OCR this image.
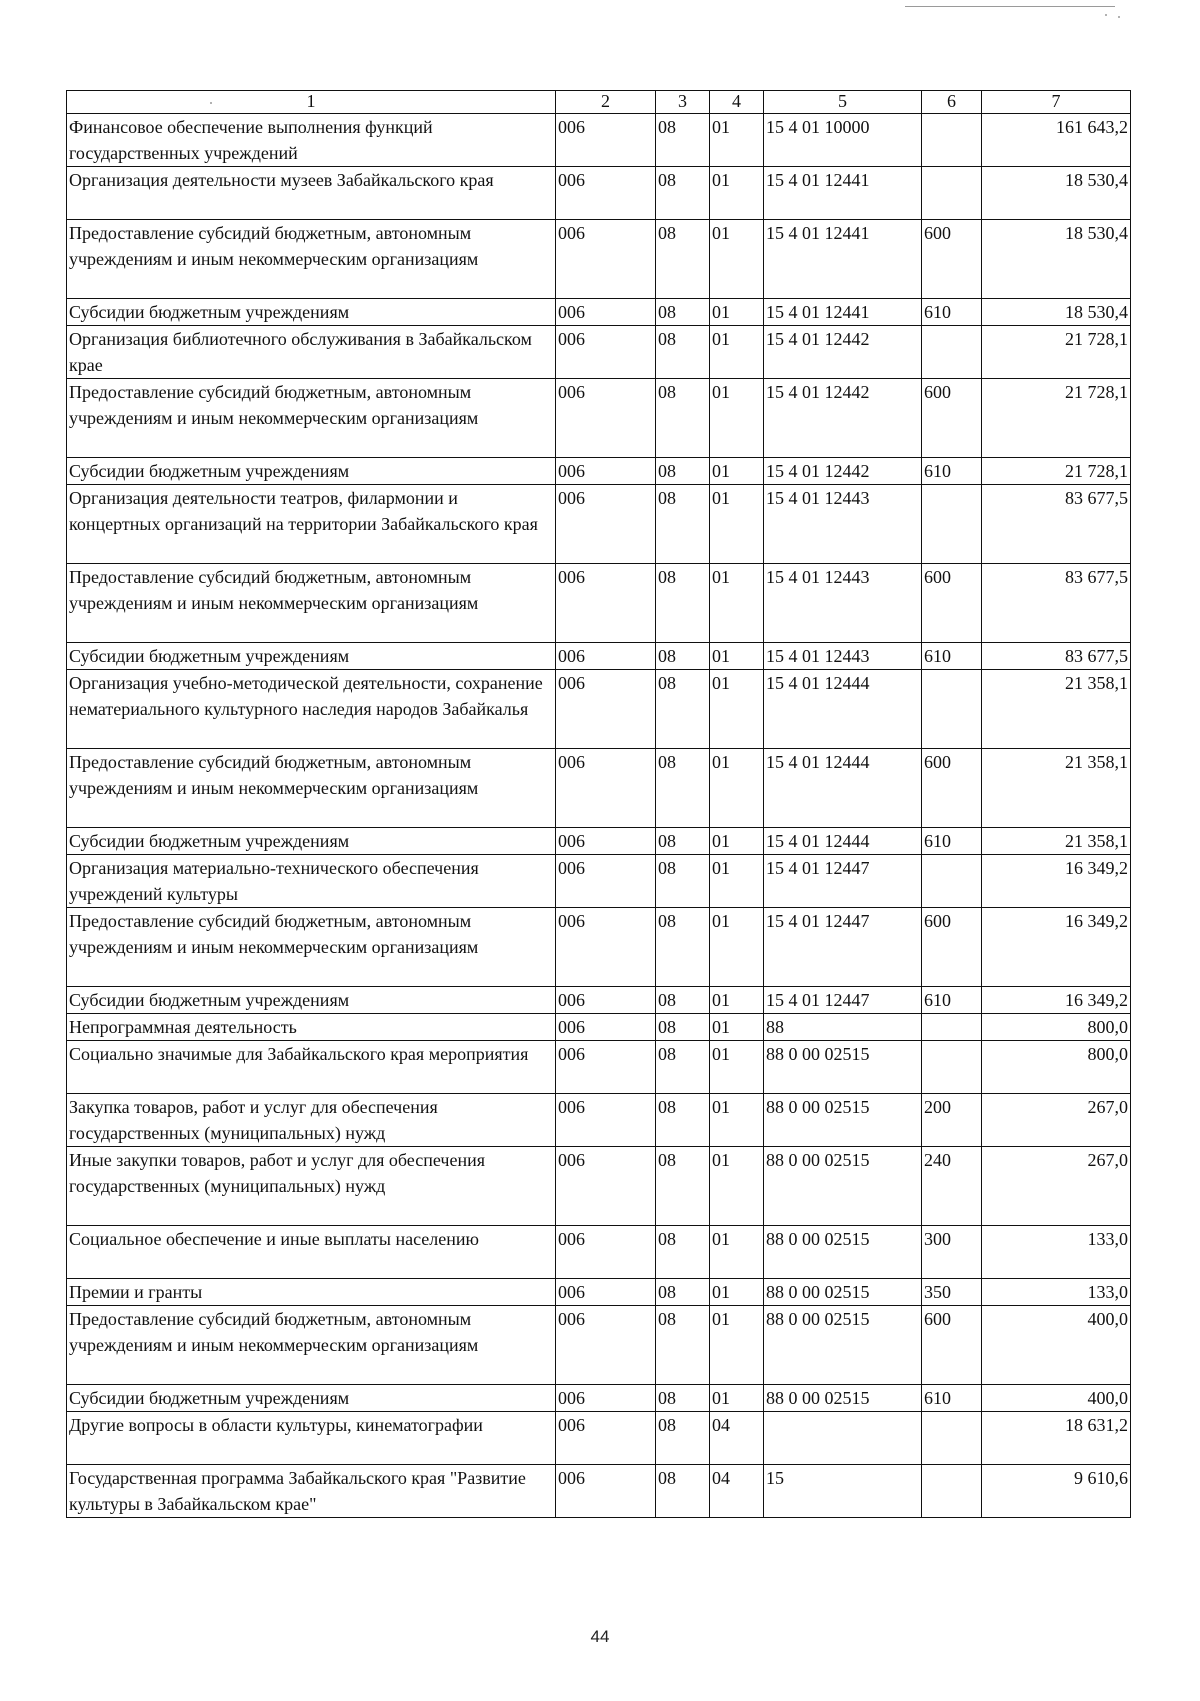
1	2	3	4	5	6	7
Финансовое обеспечение выполнения функций государственных учреждений	006	08	01	15 4 01 10000		161 643,2
Организация деятельности музеев Забайкальского края	006	08	01	15 4 01 12441		18 530,4
Предоставление субсидий бюджетным, автономным учреждениям и иным некоммерческим организациям	006	08	01	15 4 01 12441	600	18 530,4
Субсидии бюджетным учреждениям	006	08	01	15 4 01 12441	610	18 530,4
Организация библиотечного обслуживания в Забайкальском крае	006	08	01	15 4 01 12442		21 728,1
Предоставление субсидий бюджетным, автономным учреждениям и иным некоммерческим организациям	006	08	01	15 4 01 12442	600	21 728,1
Субсидии бюджетным учреждениям	006	08	01	15 4 01 12442	610	21 728,1
Организация деятельности театров, филармонии и концертных организаций на территории Забайкальского края	006	08	01	15 4 01 12443		83 677,5
Предоставление субсидий бюджетным, автономным учреждениям и иным некоммерческим организациям	006	08	01	15 4 01 12443	600	83 677,5
Субсидии бюджетным учреждениям	006	08	01	15 4 01 12443	610	83 677,5
Организация учебно-методической деятельности, сохранение нематериального культурного наследия народов Забайкалья	006	08	01	15 4 01 12444		21 358,1
Предоставление субсидий бюджетным, автономным учреждениям и иным некоммерческим организациям	006	08	01	15 4 01 12444	600	21 358,1
Субсидии бюджетным учреждениям	006	08	01	15 4 01 12444	610	21 358,1
Организация материально-технического обеспечения учреждений культуры	006	08	01	15 4 01 12447		16 349,2
Предоставление субсидий бюджетным, автономным учреждениям и иным некоммерческим организациям	006	08	01	15 4 01 12447	600	16 349,2
Субсидии бюджетным учреждениям	006	08	01	15 4 01 12447	610	16 349,2
Непрограммная деятельность	006	08	01	88		800,0
Социально значимые для Забайкальского края мероприятия	006	08	01	88 0 00 02515		800,0
Закупка товаров, работ и услуг для обеспечения государственных (муниципальных) нужд	006	08	01	88 0 00 02515	200	267,0
Иные закупки товаров, работ и услуг для обеспечения государственных (муниципальных) нужд	006	08	01	88 0 00 02515	240	267,0
Социальное обеспечение и иные выплаты населению	006	08	01	88 0 00 02515	300	133,0
Премии и гранты	006	08	01	88 0 00 02515	350	133,0
Предоставление субсидий бюджетным, автономным учреждениям и иным некоммерческим организациям	006	08	01	88 0 00 02515	600	400,0
Субсидии бюджетным учреждениям	006	08	01	88 0 00 02515	610	400,0
Другие вопросы в области культуры, кинематографии	006	08	04			18 631,2
Государственная программа Забайкальского края "Развитие культуры в Забайкальском крае"	006	08	04	15		9 610,6
44
